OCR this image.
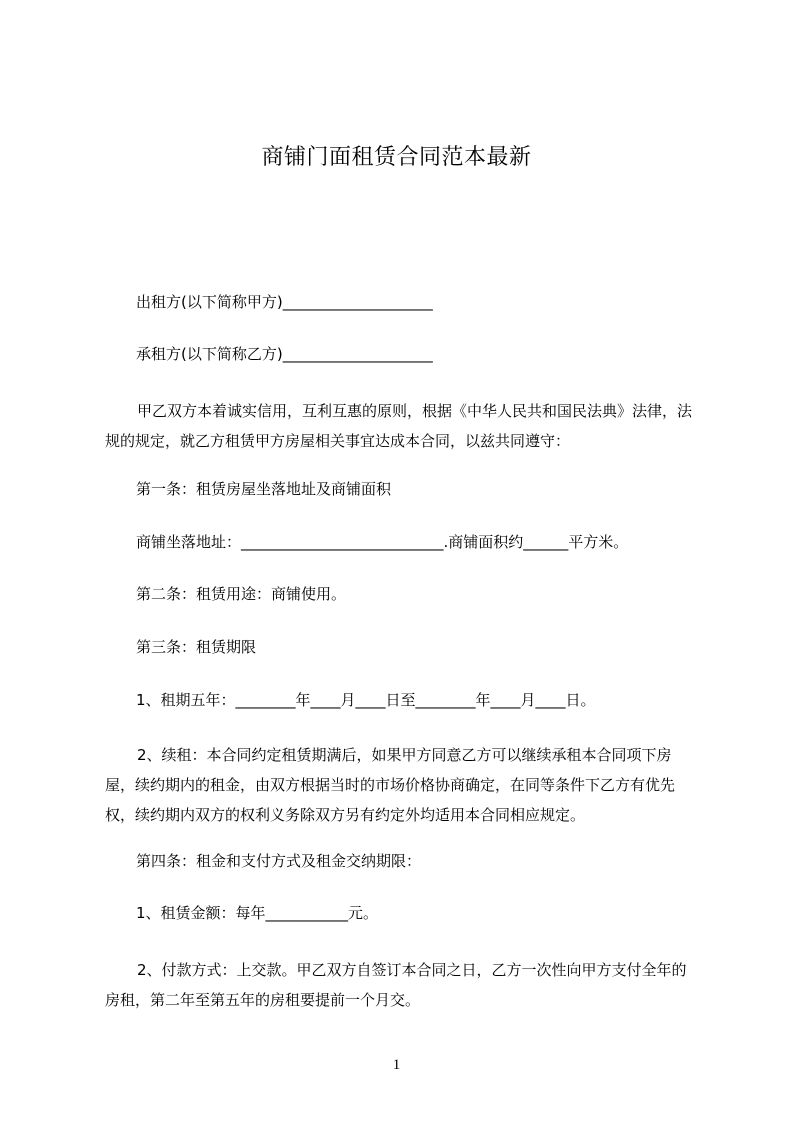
商铺门面租赁合同范本最新
出租方(以下简称甲方)____________________
承租方(以下简称乙方)____________________
甲乙双方本着诚实信用，互利互惠的原则，根据《中华人民共和国民法典》法律，法规的规定，就乙方租赁甲方房屋相关事宜达成本合同，以兹共同遵守：
第一条：租赁房屋坐落地址及商铺面积
商铺坐落地址：___________________________.商铺面积约______平方米。
第二条：租赁用途：商铺使用。
第三条：租赁期限
1、租期五年：________年____月____日至________年____月____日。
2、续租：本合同约定租赁期满后，如果甲方同意乙方可以继续承租本合同项下房屋，续约期内的租金，由双方根据当时的市场价格协商确定，在同等条件下乙方有优先权，续约期内双方的权利义务除双方另有约定外均适用本合同相应规定。
第四条：租金和支付方式及租金交纳期限：
1、租赁金额：每年___________元。
2、付款方式：上交款。甲乙双方自签订本合同之日，乙方一次性向甲方支付全年的房租，第二年至第五年的房租要提前一个月交。
1
